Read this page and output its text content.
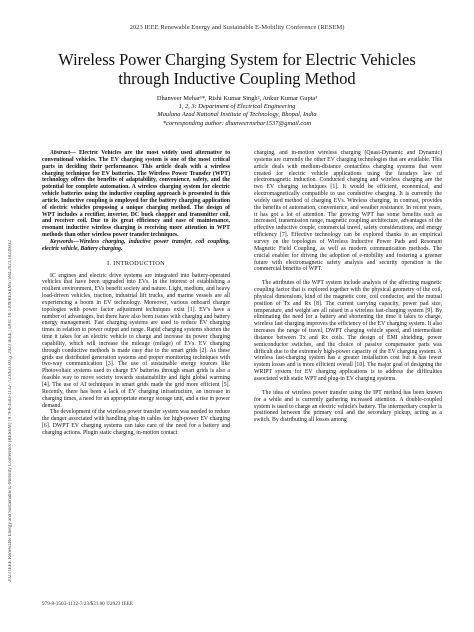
2023 IEEE Renewable Energy and Sustainable E-Mobility Conference (RESEM)
2023 IEEE Renewable Energy and Sustainable E-Mobility Conference (RESEM) | 979-8-3503-1132-7/23/$31.00 ©2023 IEEE | DOI: 10.1109/RESEM57584.2023.10236012
Wireless Power Charging System for Electric Vehicles through Inductive Coupling Method
Dhanveer Mehar¹*, Rishi Kumar Singh², Ankur Kumar Gupta³
1, 2, 3: Department of Electrical Engineering
Maulana Azad National Institute of Technology, Bhopal, India
*corresponding author: dhanveermehar1537@gmail.com

Abstract— Electric Vehicles are the most widely used alternative to conventional vehicles. The EV charging system is one of the most critical parts in deciding their performance. This article deals with a wireless charging technique for EV batteries. The Wireless Power Transfer (WPT) technology offers the benefits of adaptability, convenience, safety, and the potential for complete automation. A wireless charging system for electric vehicle batteries using the inductive coupling approach is presented in this article. Inductive coupling is employed for the battery charging application of electric vehicles proposing a unique charging method. The design of WPT includes a rectifier, inverter, DC buck chopper and transmitter coil, and receiver coil. Due to its great efficiency and ease of maintenance, resonant inductive wireless charging is receiving more attention in WPT methods than other wireless power transfer techniques.

Keywords—Wireless charging, inductive power transfer, coil coupling, electric vehicle, Battery charging.

I. INTRODUCTION

IC engines and electric drive systems are integrated into battery-operated vehicles that have been upgraded into EVs. In the interest of establishing a resilient environment, EVs benefit society and nature. Light, medium, and heavy load-driven vehicles, traction, industrial lift trucks, and marine vessels are all experiencing a boom in EV technology. Moreover, various onboard charger topologies with power factor adjustment techniques exist [1]. EV's have a number of advantages, but there have also been issues with charging and battery energy management. Fast charging systems are used to reduce EV charging times in relation to power output and range. Rapid charging systems shorten the time it takes for an electric vehicle to charge and increase its power charging capability, which will increase the mileage (milage) of EVs. EV charging through conductive methods is made easy due to the smart grids [2]. As these grids use distributed generation systems and proper monitoring techniques with two-way communication [3]. The use of sustainable energy sources like Photovoltaic systems used to charge EV batteries through smart grids is also a feasible way to move society towards sustainability and fight global warming [4]. The use of AI techniques in smart grids made the grid more efficient [5]. Recently, there has been a lack of EV charging infrastructure, an increase in charging times, a need for an appropriate energy storage unit, and a rise in power demand.

The development of the wireless power transfer system was needed to reduce the danger associated with handling plug-in cables for high-power EV charging [6]. DWPT EV charging systems can take care of the need for a battery and charging actions. Plugin static charging, in-motion contact

charging, and in-motion wireless charging (Quasi-Dynamic and Dynamic) systems are currently the other EV charging technologies that are available. This article deals with medium-distance contactless charging systems that were created for electric vehicle applications using the faradays law of electromagnetic induction. Conducted charging and wireless charging are the two EV charging techniques [1]. It would be efficient, economical, and electromagnetically compatible to use conductive charging. It is currently the widely used method of charging EVs. Wireless charging, in contrast, provides the benefits of automation, convenience, and weather resistance. In recent years, it has got a lot of attention. The growing WPT has some benefits such as increased, transmission range, magnetic coupling architecture, advantages of the effective inductive couple, commercial travel, safety considerations, and energy efficiency [7]. Effective technology can be explored thanks to an empirical survey on the topologies of Wireless Inductive Power Pads and Resonant Magnetic Field Coupling, as well as modern communication methods. The crucial enabler for driving the adoption of e-mobility and fostering a greener future with electromagnetic safety analysis and security operation is the commercial benefits of WPT.

The attributes of the WPT system include analysis of the affecting magnetic coupling factor that is explored together with the physical geometry of the coil, physical dimensions, kind of the magnetic core, coil conductor, and the mutual position of Tx and Rx [8]. The current carrying capacity, power pad size, temperature, and weight are all raised in a wireless fast-charging system [9]. By eliminating the need for a battery and shortening the time it takes to charge, wireless fast charging improves the efficiency of the EV charging system. It also increases the range of travel, DWPT charging vehicle speed, and intermediate distance between Tx and Rx coils. The design of EMI shielding, power semiconductor switches, and the choice of passive compensator parts was difficult due to the extremely high-power capacity of the EV charging system. A wireless fast-charging system has a greater installation cost but it has fewer system losses and is more efficient overall [10]. The major goal of designing the WRIPT system for EV charging applications is to address the difficulties associated with static WPT and plug-in EV charging systems.

The idea of wireless power transfer using the IPT method has been known for a while and is currently gathering increased attention. A double-coupled system is used to charge an electric vehicle's battery. The intermediary coupler is positioned between the primary coil and the secondary pickup, acting as a switch. By distributing all losses among

979-8-3503-1132-7/23/$31.00 ©2023 IEEE
